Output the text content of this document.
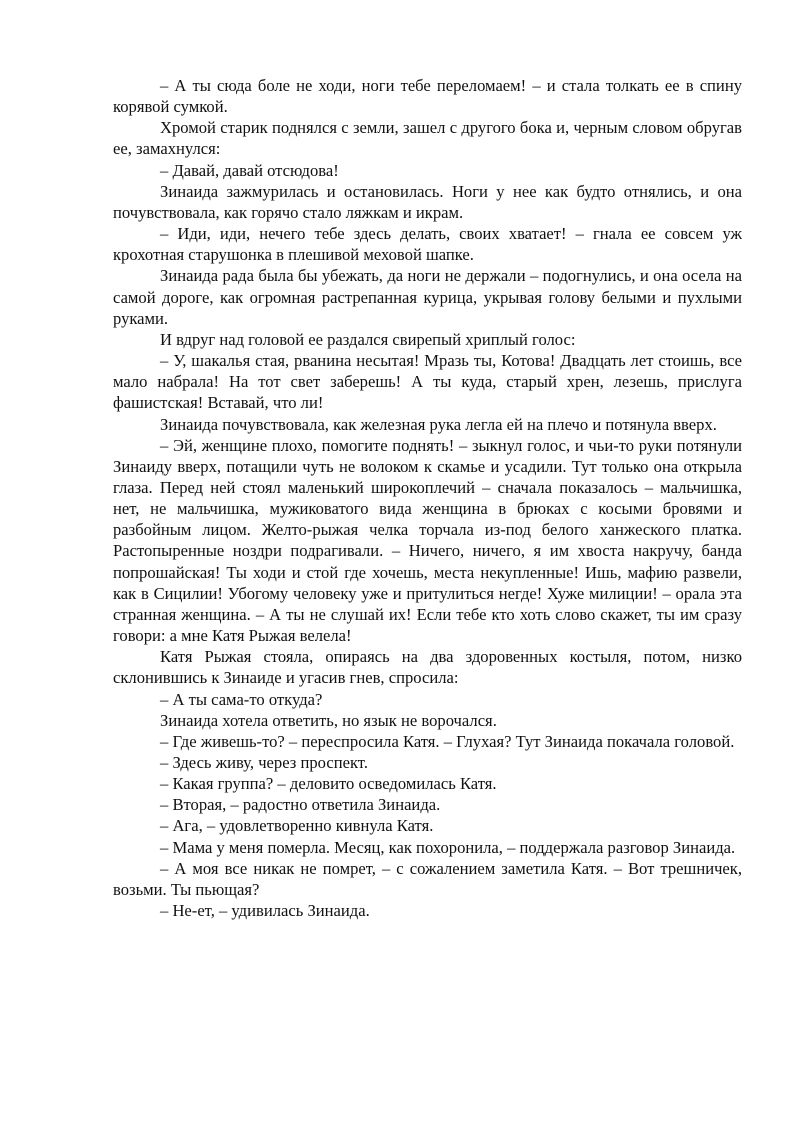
– А ты сюда боле не ходи, ноги тебе переломаем! – и стала толкать ее в спину корявой сумкой.

Хромой старик поднялся с земли, зашел с другого бока и, черным словом обругав ее, замахнулся:

– Давай, давай отсюдова!

Зинаида зажмурилась и остановилась. Ноги у нее как будто отнялись, и она почувствовала, как горячо стало ляжкам и икрам.

– Иди, иди, нечего тебе здесь делать, своих хватает! – гнала ее совсем уж крохотная старушонка в плешивой меховой шапке.

Зинаида рада была бы убежать, да ноги не держали – подогнулись, и она осела на самой дороге, как огромная растрепанная курица, укрывая голову белыми и пухлыми руками.

И вдруг над головой ее раздался свирепый хриплый голос:

– У, шакалья стая, рванина несытая! Мразь ты, Котова! Двадцать лет стоишь, все мало набрала! На тот свет заберешь! А ты куда, старый хрен, лезешь, прислуга фашистская! Вставай, что ли!

Зинаида почувствовала, как железная рука легла ей на плечо и потянула вверх.

– Эй, женщине плохо, помогите поднять! – зыкнул голос, и чьи-то руки потянули Зинаиду вверх, потащили чуть не волоком к скамье и усадили. Тут только она открыла глаза. Перед ней стоял маленький широкоплечий – сначала показалось – мальчишка, нет, не мальчишка, мужиковатого вида женщина в брюках с косыми бровями и разбойным лицом. Желто-рыжая челка торчала из-под белого ханжеского платка. Растопыренные ноздри подрагивали. – Ничего, ничего, я им хвоста накручу, банда попрошайская! Ты ходи и стой где хочешь, места некупленные! Ишь, мафию развели, как в Сицилии! Убогому человеку уже и притулиться негде! Хуже милиции! – орала эта странная женщина. – А ты не слушай их! Если тебе кто хоть слово скажет, ты им сразу говори: а мне Катя Рыжая велела!

Катя Рыжая стояла, опираясь на два здоровенных костыля, потом, низко склонившись к Зинаиде и угасив гнев, спросила:

– А ты сама-то откуда?

Зинаида хотела ответить, но язык не ворочался.

– Где живешь-то? – переспросила Катя. – Глухая? Тут Зинаида покачала головой.

– Здесь живу, через проспект.

– Какая группа? – деловито осведомилась Катя.

– Вторая, – радостно ответила Зинаида.

– Ага, – удовлетворенно кивнула Катя.

– Мама у меня померла. Месяц, как похоронила, – поддержала разговор Зинаида.

– А моя все никак не помрет, – с сожалением заметила Катя. – Вот трешничек, возьми. Ты пьющая?

– Не-ет, – удивилась Зинаида.
